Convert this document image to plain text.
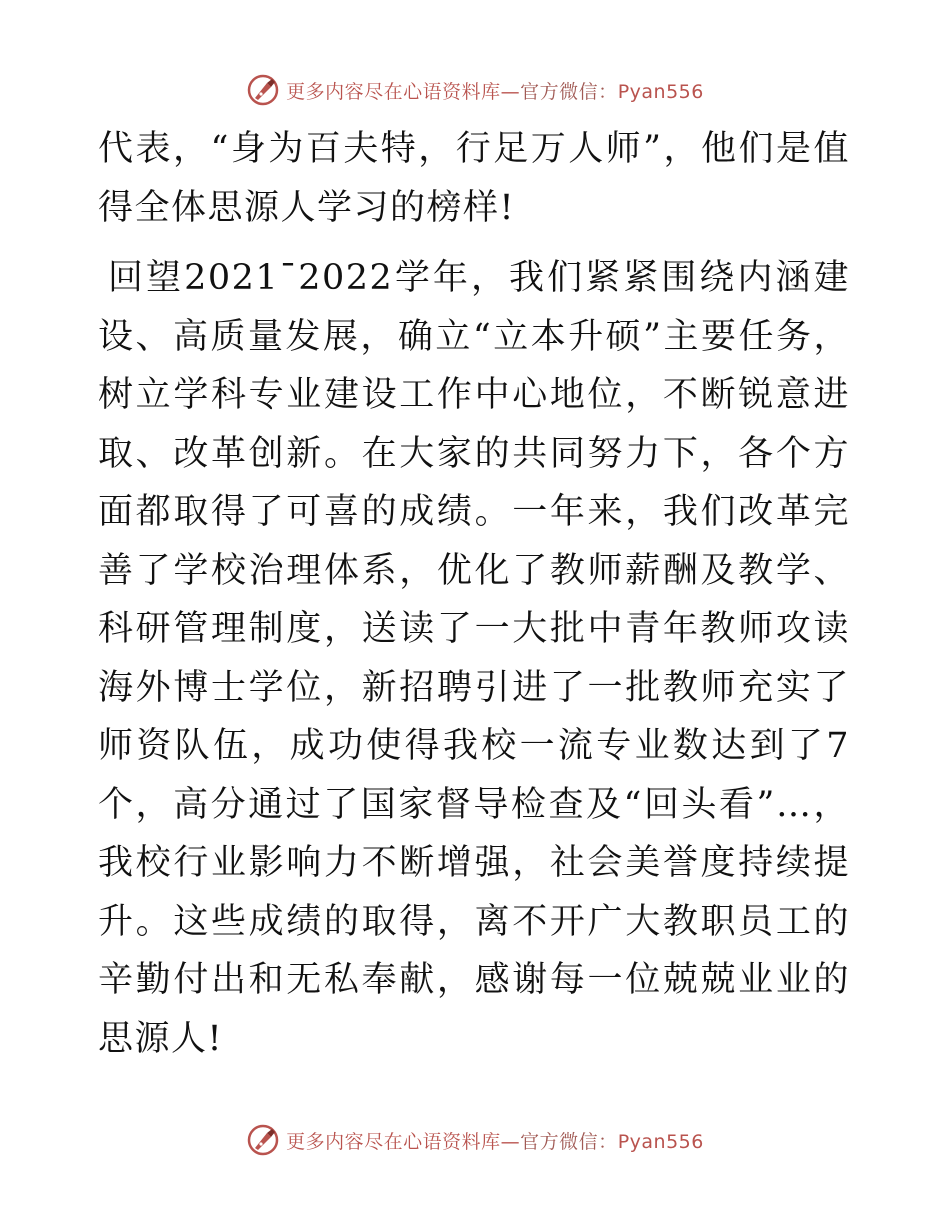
更多内容尽在心语资料库—官方微信：Pyan556

代表，“身为百夫特，行足万人师”，他们是值得全体思源人学习的榜样!

回望2021¯2022学年，我们紧紧围绕内涵建设、高质量发展，确立“立本升硕”主要任务，树立学科专业建设工作中心地位，不断锐意进取、改革创新。在大家的共同努力下，各个方面都取得了可喜的成绩。一年来，我们改革完善了学校治理体系，优化了教师薪酬及教学、科研管理制度，送读了一大批中青年教师攻读海外博士学位，新招聘引进了一批教师充实了师资队伍，成功使得我校一流专业数达到了7个，高分通过了国家督导检查及“回头看”…，我校行业影响力不断增强，社会美誉度持续提升。这些成绩的取得，离不开广大教职员工的辛勤付出和无私奉献，感谢每一位兢兢业业的思源人!

更多内容尽在心语资料库—官方微信：Pyan556
